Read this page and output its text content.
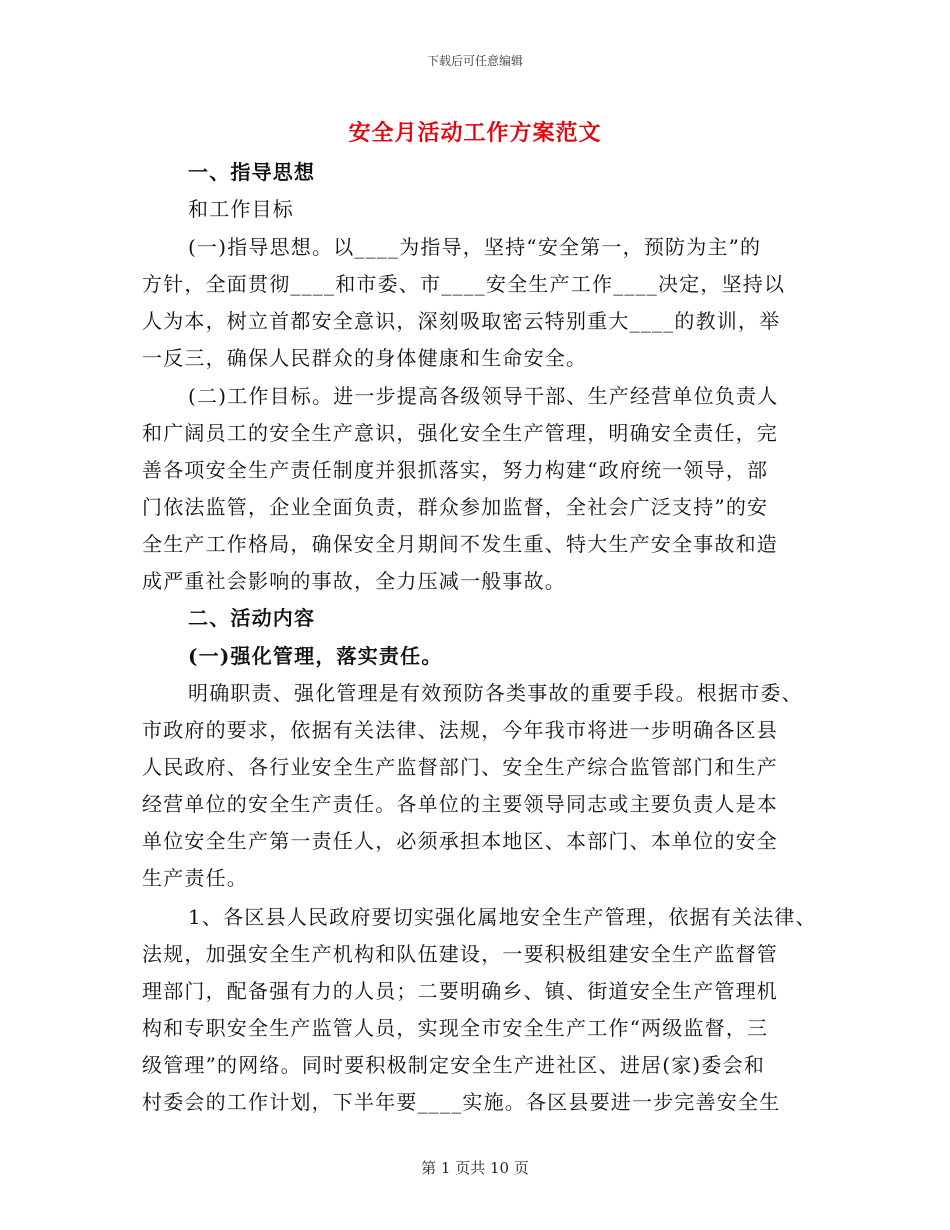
下载后可任意编辑
安全月活动工作方案范文
一、指导思想
和工作目标
(一)指导思想。以____为指导，坚持“安全第一，预防为主”的
方针，全面贯彻____和市委、市____安全生产工作____决定，坚持以
人为本，树立首都安全意识，深刻吸取密云特别重大____的教训，举
一反三，确保人民群众的身体健康和生命安全。
(二)工作目标。进一步提高各级领导干部、生产经营单位负责人
和广阔员工的安全生产意识，强化安全生产管理，明确安全责任，完
善各项安全生产责任制度并狠抓落实，努力构建“政府统一领导，部
门依法监管，企业全面负责，群众参加监督，全社会广泛支持”的安
全生产工作格局，确保安全月期间不发生重、特大生产安全事故和造
成严重社会影响的事故，全力压减一般事故。
二、活动内容
(一)强化管理，落实责任。
明确职责、强化管理是有效预防各类事故的重要手段。根据市委、
市政府的要求，依据有关法律、法规，今年我市将进一步明确各区县
人民政府、各行业安全生产监督部门、安全生产综合监管部门和生产
经营单位的安全生产责任。各单位的主要领导同志或主要负责人是本
单位安全生产第一责任人，必须承担本地区、本部门、本单位的安全
生产责任。
1、各区县人民政府要切实强化属地安全生产管理，依据有关法律、
法规，加强安全生产机构和队伍建设，一要积极组建安全生产监督管
理部门，配备强有力的人员；二要明确乡、镇、街道安全生产管理机
构和专职安全生产监管人员，实现全市安全生产工作“两级监督，三
级管理”的网络。同时要积极制定安全生产进社区、进居(家)委会和
村委会的工作计划，下半年要____实施。各区县要进一步完善安全生
第 1 页共 10 页
